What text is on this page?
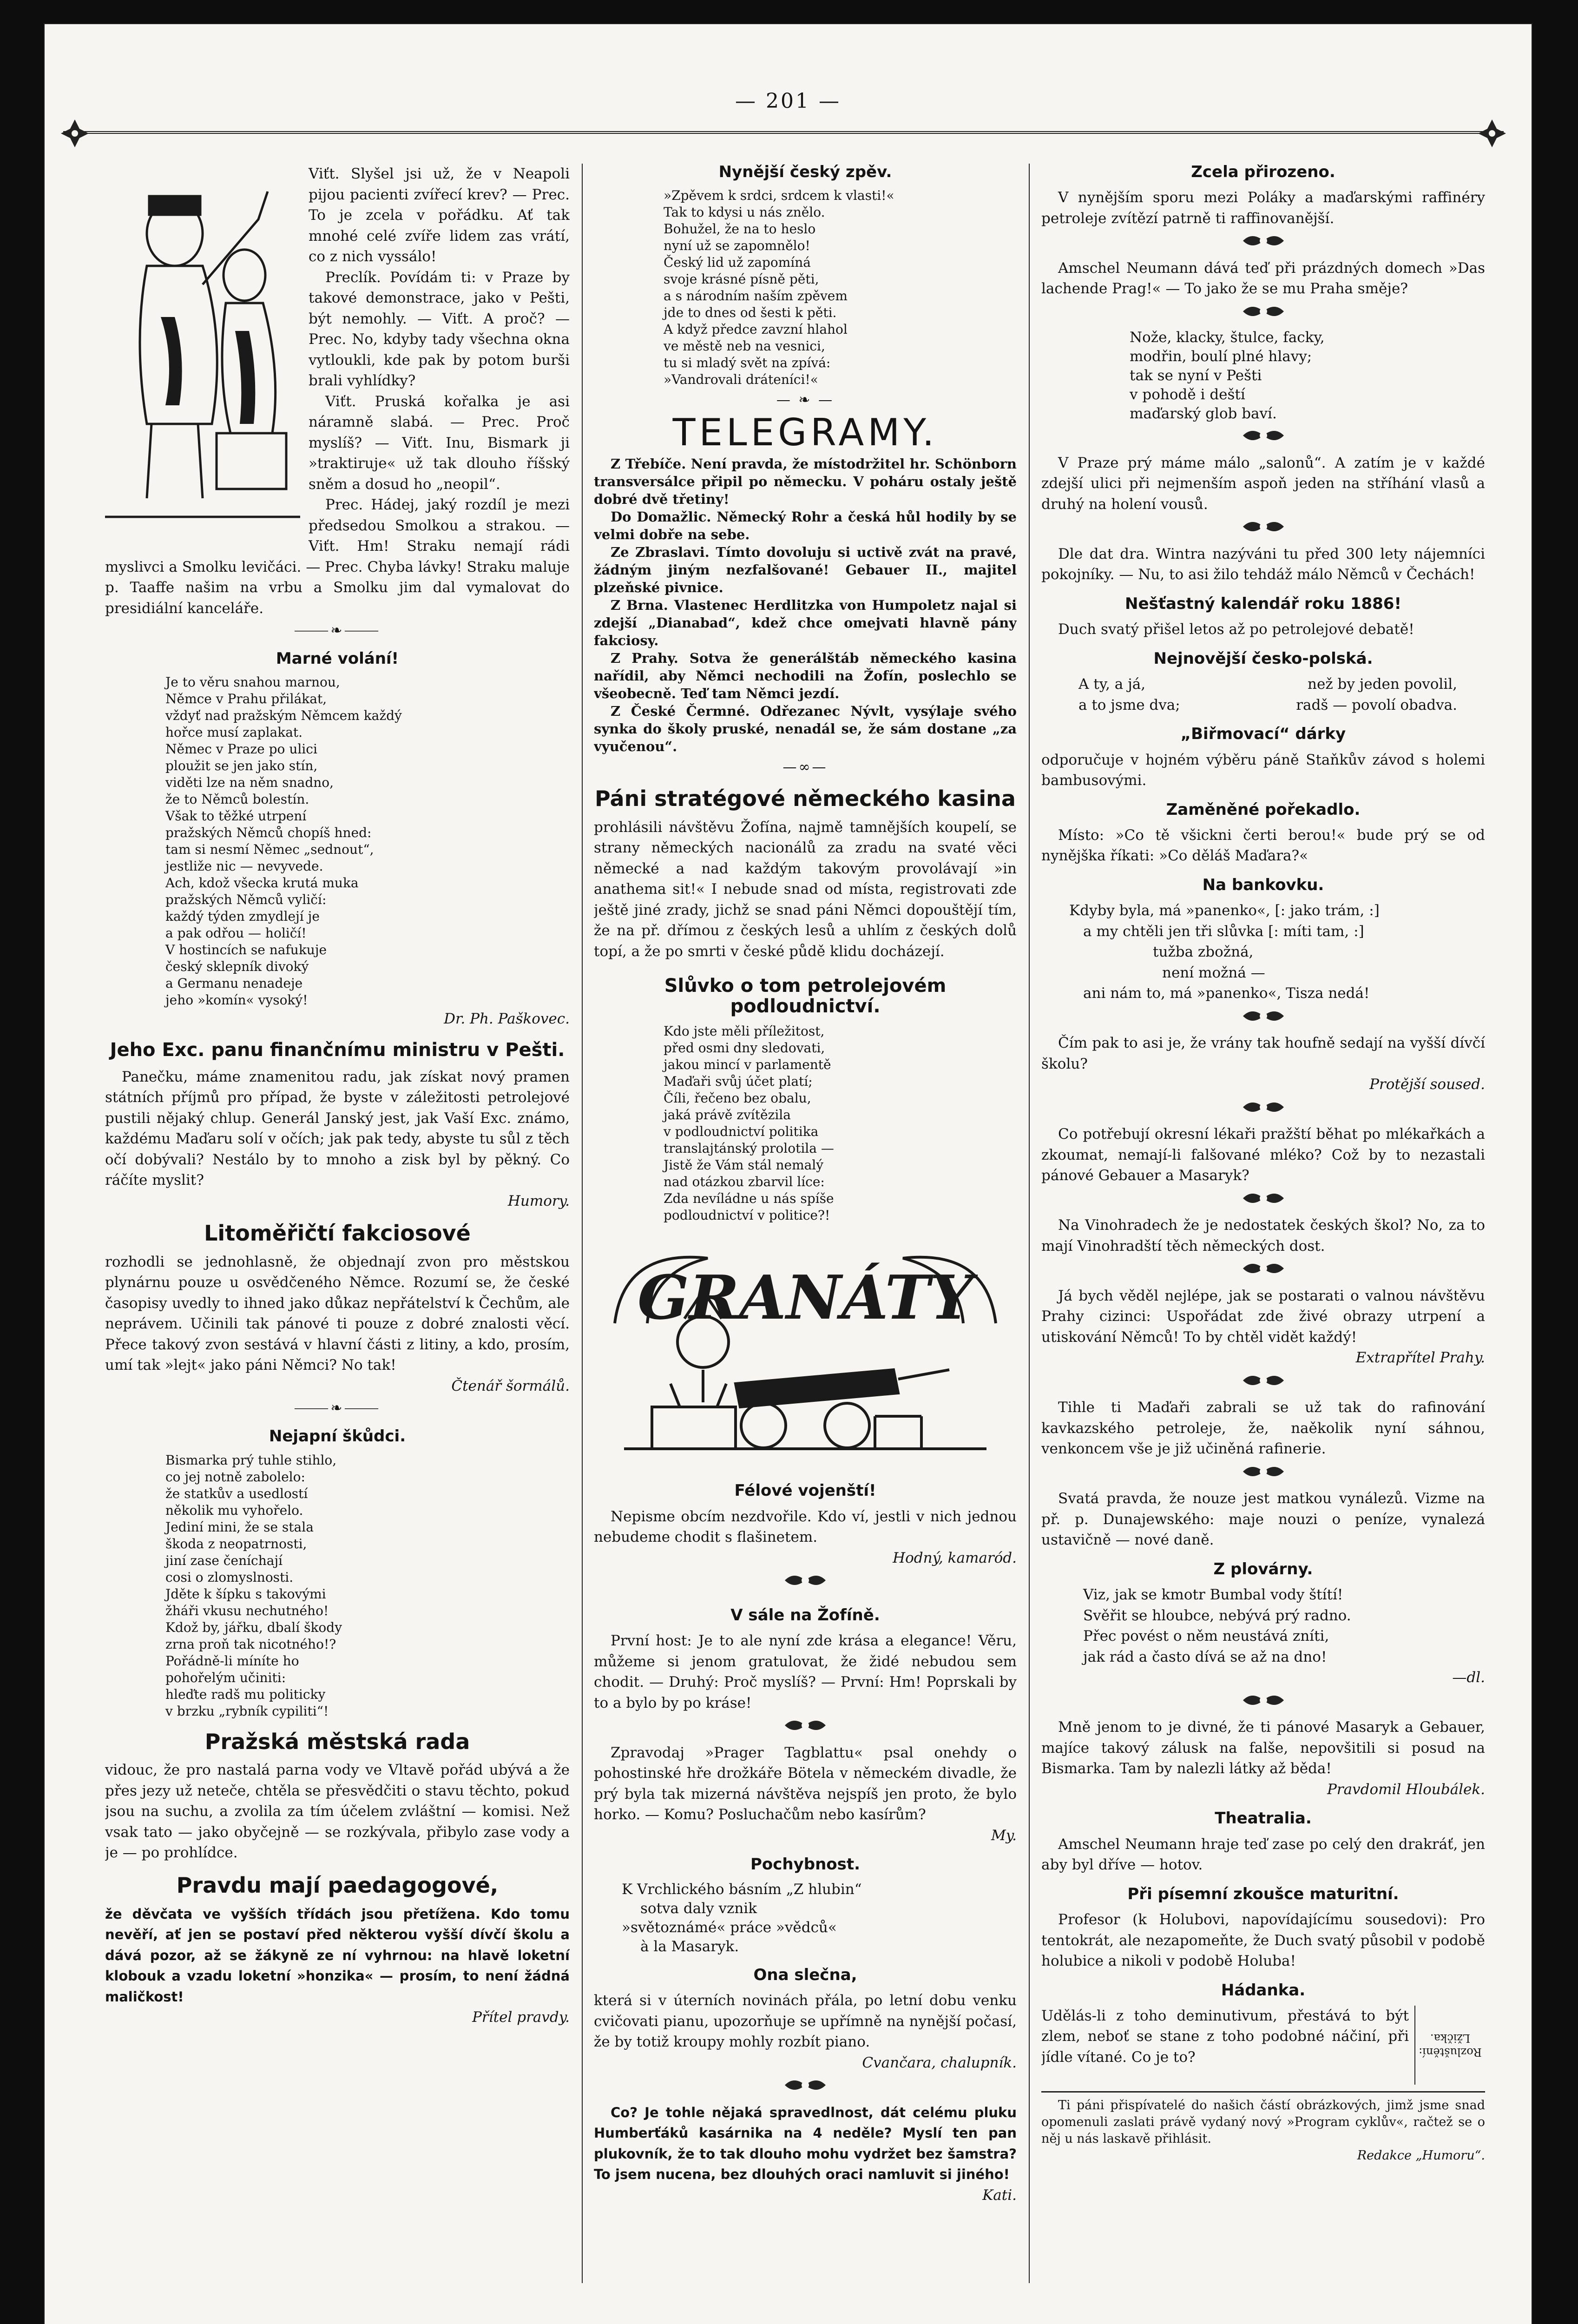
— 201 —

Viťt. Slyšel jsi už, že v Neapoli pijou pacienti zvířecí krev? — Prec. To je zcela v pořádku. Ať tak mnohé celé zvíře lidem zas vrátí, co z nich vyssálo!

Preclík. Povídám ti: v Praze by takové demonstrace, jako v Pešti, být nemohly. — Viťt. A proč? — Prec. No, kdyby tady všechna okna vytloukli, kde pak by potom burši brali vyhlídky?

Viťt. Pruská kořalka je asi náramně slabá. — Prec. Proč myslíš? — Viťt. Inu, Bismark ji »traktiruje« už tak dlouho říšský sněm a dosud ho „neopil“.

Prec. Hádej, jaký rozdíl je mezi předsedou Smolkou a strakou. — Viťt. Hm! Straku nemají rádi myslivci a Smolku levičáci. — Prec. Chyba lávky! Straku maluje p. Taaffe našim na vrbu a Smolku jim dal vymalovat do presidiální kanceláře.

⸻❧⸻
Marné volání!
Je to věru snahou marnou,
Němce v Prahu přilákat,
vždyť nad pražským Němcem každý
hořce musí zaplakat.
Němec v Praze po ulici
ploužit se jen jako stín,
viděti lze na něm snadno,
že to Němců bolestín.
Však to těžké utrpení
pražských Němců chopíš hned:
tam si nesmí Němec „sednout“,
jestliže nic — nevyvede.
Ach, kdož všecka krutá muka
pražských Němců vyličí:
každý týden zmydlejí je
a pak odřou — holičí!
V hostincích se nafukuje
český sklepník divoký
a Germanu nenadeje
jeho »komín« vysoký!
Dr. Ph. Paškovec.
Jeho Exc. panu finančnímu ministru v Pešti.

Panečku, máme znamenitou radu, jak získat nový pramen státních příjmů pro případ, že byste v záležitosti petrolejové pustili nějaký chlup. Generál Janský jest, jak Vaší Exc. známo, každému Maďaru solí v očích; jak pak tedy, abyste tu sůl z těch očí dobývali? Nestálo by to mnoho a zisk byl by pěkný. Co ráčíte myslit?

Humory.
Litoměřičtí fakciosové

rozhodli se jednohlasně, že objednají zvon pro městskou plynárnu pouze u osvědčeného Němce. Rozumí se, že české časopisy uvedly to ihned jako důkaz nepřátelství k Čechům, ale neprávem. Učinili tak pánové ti pouze z dobré znalosti věcí. Přece takový zvon sestává v hlavní části z litiny, a kdo, prosím, umí tak »lejt« jako páni Němci? No tak!

Čtenář šormálů.
⸻❧⸻
Nejapní škůdci.
Bismarka prý tuhle stihlo,
co jej notně zabolelo:
že statkův a usedlostí
několik mu vyhořelo.
Jediní mini, že se stala
škoda z neopatrnosti,
jiní zase čeníchají
cosi o zlomyslnosti.
Jděte k šípku s takovými
žháři vkusu nechutného!
Kdož by, jářku, dbalí škody
zrna proň tak nicotného!?
Pořádně-li míníte ho
pohořelým učiniti:
hleďte radš mu politicky
v brzku „rybník cypiliti“!
Pražská městská rada

vidouc, že pro nastalá parna vody ve Vltavě pořád ubývá a že přes jezy už neteče, chtěla se přesvědčiti o stavu těchto, pokud jsou na suchu, a zvolila za tím účelem zvláštní — komisi. Než vsak tato — jako obyčejně — se rozkývala, přibylo zase vody a je — po prohlídce.

Pravdu mají paedagogové,

že děvčata ve vyšších třídách jsou přetížena. Kdo tomu nevěří, ať jen se postaví před některou vyšší dívčí školu a dává pozor, až se žákyně ze ní vyhrnou: na hlavě loketní klobouk a vzadu loketní »honzika« — prosím, to není žádná maličkost!

Přítel pravdy.
Nynější český zpěv.
»Zpěvem k srdci, srdcem k vlasti!«
Tak to kdysi u nás znělo.
Bohužel, že na to heslo
nyní už se zapomnělo!
Český lid už zapomíná
svoje krásné písně pěti,
a s národním naším zpěvem
jde to dnes od šesti k pěti.
A když předce zavzní hlahol
ve městě neb na vesnici,
tu si mladý svět na zpívá:
»Vandrovali dráteníci!«
— ❧ —
TELEGRAMY.

Z Třebíče. Není pravda, že místodržitel hr. Schönborn transversálce připil po německu. V poháru ostaly ještě dobré dvě třetiny!

Do Domažlic. Německý Rohr a česká hůl hodily by se velmi dobře na sebe.

Ze Zbraslavi. Tímto dovoluju si uctivě zvát na pravé, žádným jiným nezfalšované! Gebauer II., majitel plzeňské pivnice.

Z Brna. Vlastenec Herdlitzka von Humpoletz najal si zdejší „Dianabad“, kdež chce omejvati hlavně pány fakciosy.

Z Prahy. Sotva že generálštáb německého kasina nařídil, aby Němci nechodili na Žofín, poslechlo se všeobecně. Teď tam Němci jezdí.

Z České Čermné. Odřezanec Nývlt, vysýlaje svého synka do školy pruské, nenadál se, že sám dostane „za vyučenou“.

—∞—
Páni stratégové německého kasina

prohlásili návštěvu Žofína, najmě tamnějších koupelí, se strany německých nacionálů za zradu na svaté věci německé a nad každým takovým provolávají »in anathema sit!« I nebude snad od místa, registrovati zde ještě jiné zrady, jichž se snad páni Němci dopouštějí tím, že na př. dřímou z českých lesů a uhlím z českých dolů topí, a že po smrti v české půdě klidu docházejí.

Slůvko o tom petrolejovém podloudnictví.
Kdo jste měli příležitost,
před osmi dny sledovati,
jakou mincí v parlamentě
Maďaři svůj účet platí;
Číli, řečeno bez obalu,
jaká právě zvítězila
v podloudnictví politika
translajtánský prolotila —
Jistě že Vám stál nemalý
nad otázkou zbarvil líce:
Zda nevíládne u nás spíše
podloudnictví v politice?!
GRANÁTY
Félové vojenští!

Nepisme obcím nezdvořile. Kdo ví, jestli v nich jednou nebudeme chodit s flašinetem.

Hodný, kamaród.
V sále na Žofíně.

První host: Je to ale nyní zde krása a elegance! Věru, můžeme si jenom gratulovat, že židé nebudou sem chodit. — Druhý: Proč myslíš? — První: Hm! Poprskali by to a bylo by po kráse!

Zpravodaj »Prager Tagblattu« psal onehdy o pohostinské hře drožkáře Bötela v německém divadle, že prý byla tak mizerná návštěva nejspíš jen proto, že bylo horko. — Komu? Posluchačům nebo kasírům?

My.
Pochybnost.
K Vrchlického básním „Z hlubin“
sotva daly vznik
»světoznámé« práce »vědců«
à la Masaryk.
Ona slečna,

která si v úterních novinách přála, po letní dobu venku cvičovati pianu, upozorňuje se upřímně na nynější počasí, že by totiž kroupy mohly rozbít piano.

Cvančara, chalupník.

Co? Je tohle nějaká spravedlnost, dát celému pluku Humberťáků kasárnika na 4 neděle? Myslí ten pan plukovník, že to tak dlouho mohu vydržet bez šamstra? To jsem nucena, bez dlouhých oraci namluvit si jiného!

Kati.
Zcela přirozeno.

V nynějším sporu mezi Poláky a maďarskými raffinéry petroleje zvítězí patrně ti raffinovanější.

Amschel Neumann dává teď při prázdných domech »Das lachende Prag!« — To jako že se mu Praha směje?

Nože, klacky, štulce, facky,
modřin, boulí plné hlavy;
tak se nyní v Pešti
v pohodě i deští
maďarský glob baví.

V Praze prý máme málo „salonů“. A zatím je v každé zdejší ulici při nejmenším aspoň jeden na stříhání vlasů a druhý na holení vousů.

Dle dat dra. Wintra nazýváni tu před 300 lety nájemníci pokojníky. — Nu, to asi žilo tehdáž málo Němců v Čechách!

Nešťastný kalendář roku 1886!

Duch svatý přišel letos až po petrolejové debatě!

Nejnovější česko-polská.
A ty, a já,	než by jeden povolil,
a to jsme dva;	radš — povolí obadva.
„Biřmovací“ dárky

odporučuje v hojném výběru páně Staňkův závod s holemi bambusovými.

Zaměněné pořekadlo.

Místo: »Co tě všickni čerti berou!« bude prý se od nynějška říkati: »Co děláš Maďara?«

Na bankovku.
Kdyby byla, má »panenko«, [: jako trám, :]
a my chtěli jen tři slůvka [: míti tam, :]
tužba zbožná,
není možná —
ani nám to, má »panenko«, Tisza nedá!

Čím pak to asi je, že vrány tak houfně sedají na vyšší dívčí školu?

Protější soused.

Co potřebují okresní lékaři pražští běhat po mlékařkách a zkoumat, nemají-li falšované mléko? Což by to nezastali pánové Gebauer a Masaryk?

Na Vinohradech že je nedostatek českých škol? No, za to mají Vinohradští těch německých dost.

Já bych věděl nejlépe, jak se postarati o valnou návštěvu Prahy cizinci: Uspořádat zde živé obrazy utrpení a utiskování Němců! To by chtěl vidět každý!

Extrapřítel Prahy.

Tihle ti Maďaři zabrali se už tak do rafinování kavkazského petroleje, že, naěkolik nyní sáhnou, venkoncem vše je již učiněná rafinerie.

Svatá pravda, že nouze jest matkou vynálezů. Vizme na př. p. Dunajewského: maje nouzi o peníze, vynalezá ustavičně — nové daně.

Z plovárny.
Viz, jak se kmotr Bumbal vody štítí!
Svěřit se hloubce, nebývá prý radno.
Přec povést o něm neustává zníti,
jak rád a často dívá se až na dno!
—dl.

Mně jenom to je divné, že ti pánové Masaryk a Gebauer, majíce takový zálusk na falše, nepovšitili si posud na Bismarka. Tam by nalezli látky až běda!

Pravdomil Hloubálek.
Theatralia.

Amschel Neumann hraje teď zase po celý den drakráť, jen aby byl dříve — hotov.

Při písemní zkoušce maturitní.

Profesor (k Holubovi, napovídajícímu sousedovi): Pro tentokrát, ale nezapomeňte, že Duch svatý působil v podobě holubice a nikoli v podobě Holuba!

Hádanka.

Udělás-li z toho deminutivum, přestává to být zlem, neboť se stane z toho podobné náčiní, při jídle vítané. Co je to?	Rozluštění: Lžička.

Ti páni přispívatelé do našich částí obrázkových, jimž jsme snad opomenuli zaslati právě vydaný nový »Program cyklův«, račtež se o něj u nás laskavě přihlásit.

Redakce „Humoru“.
